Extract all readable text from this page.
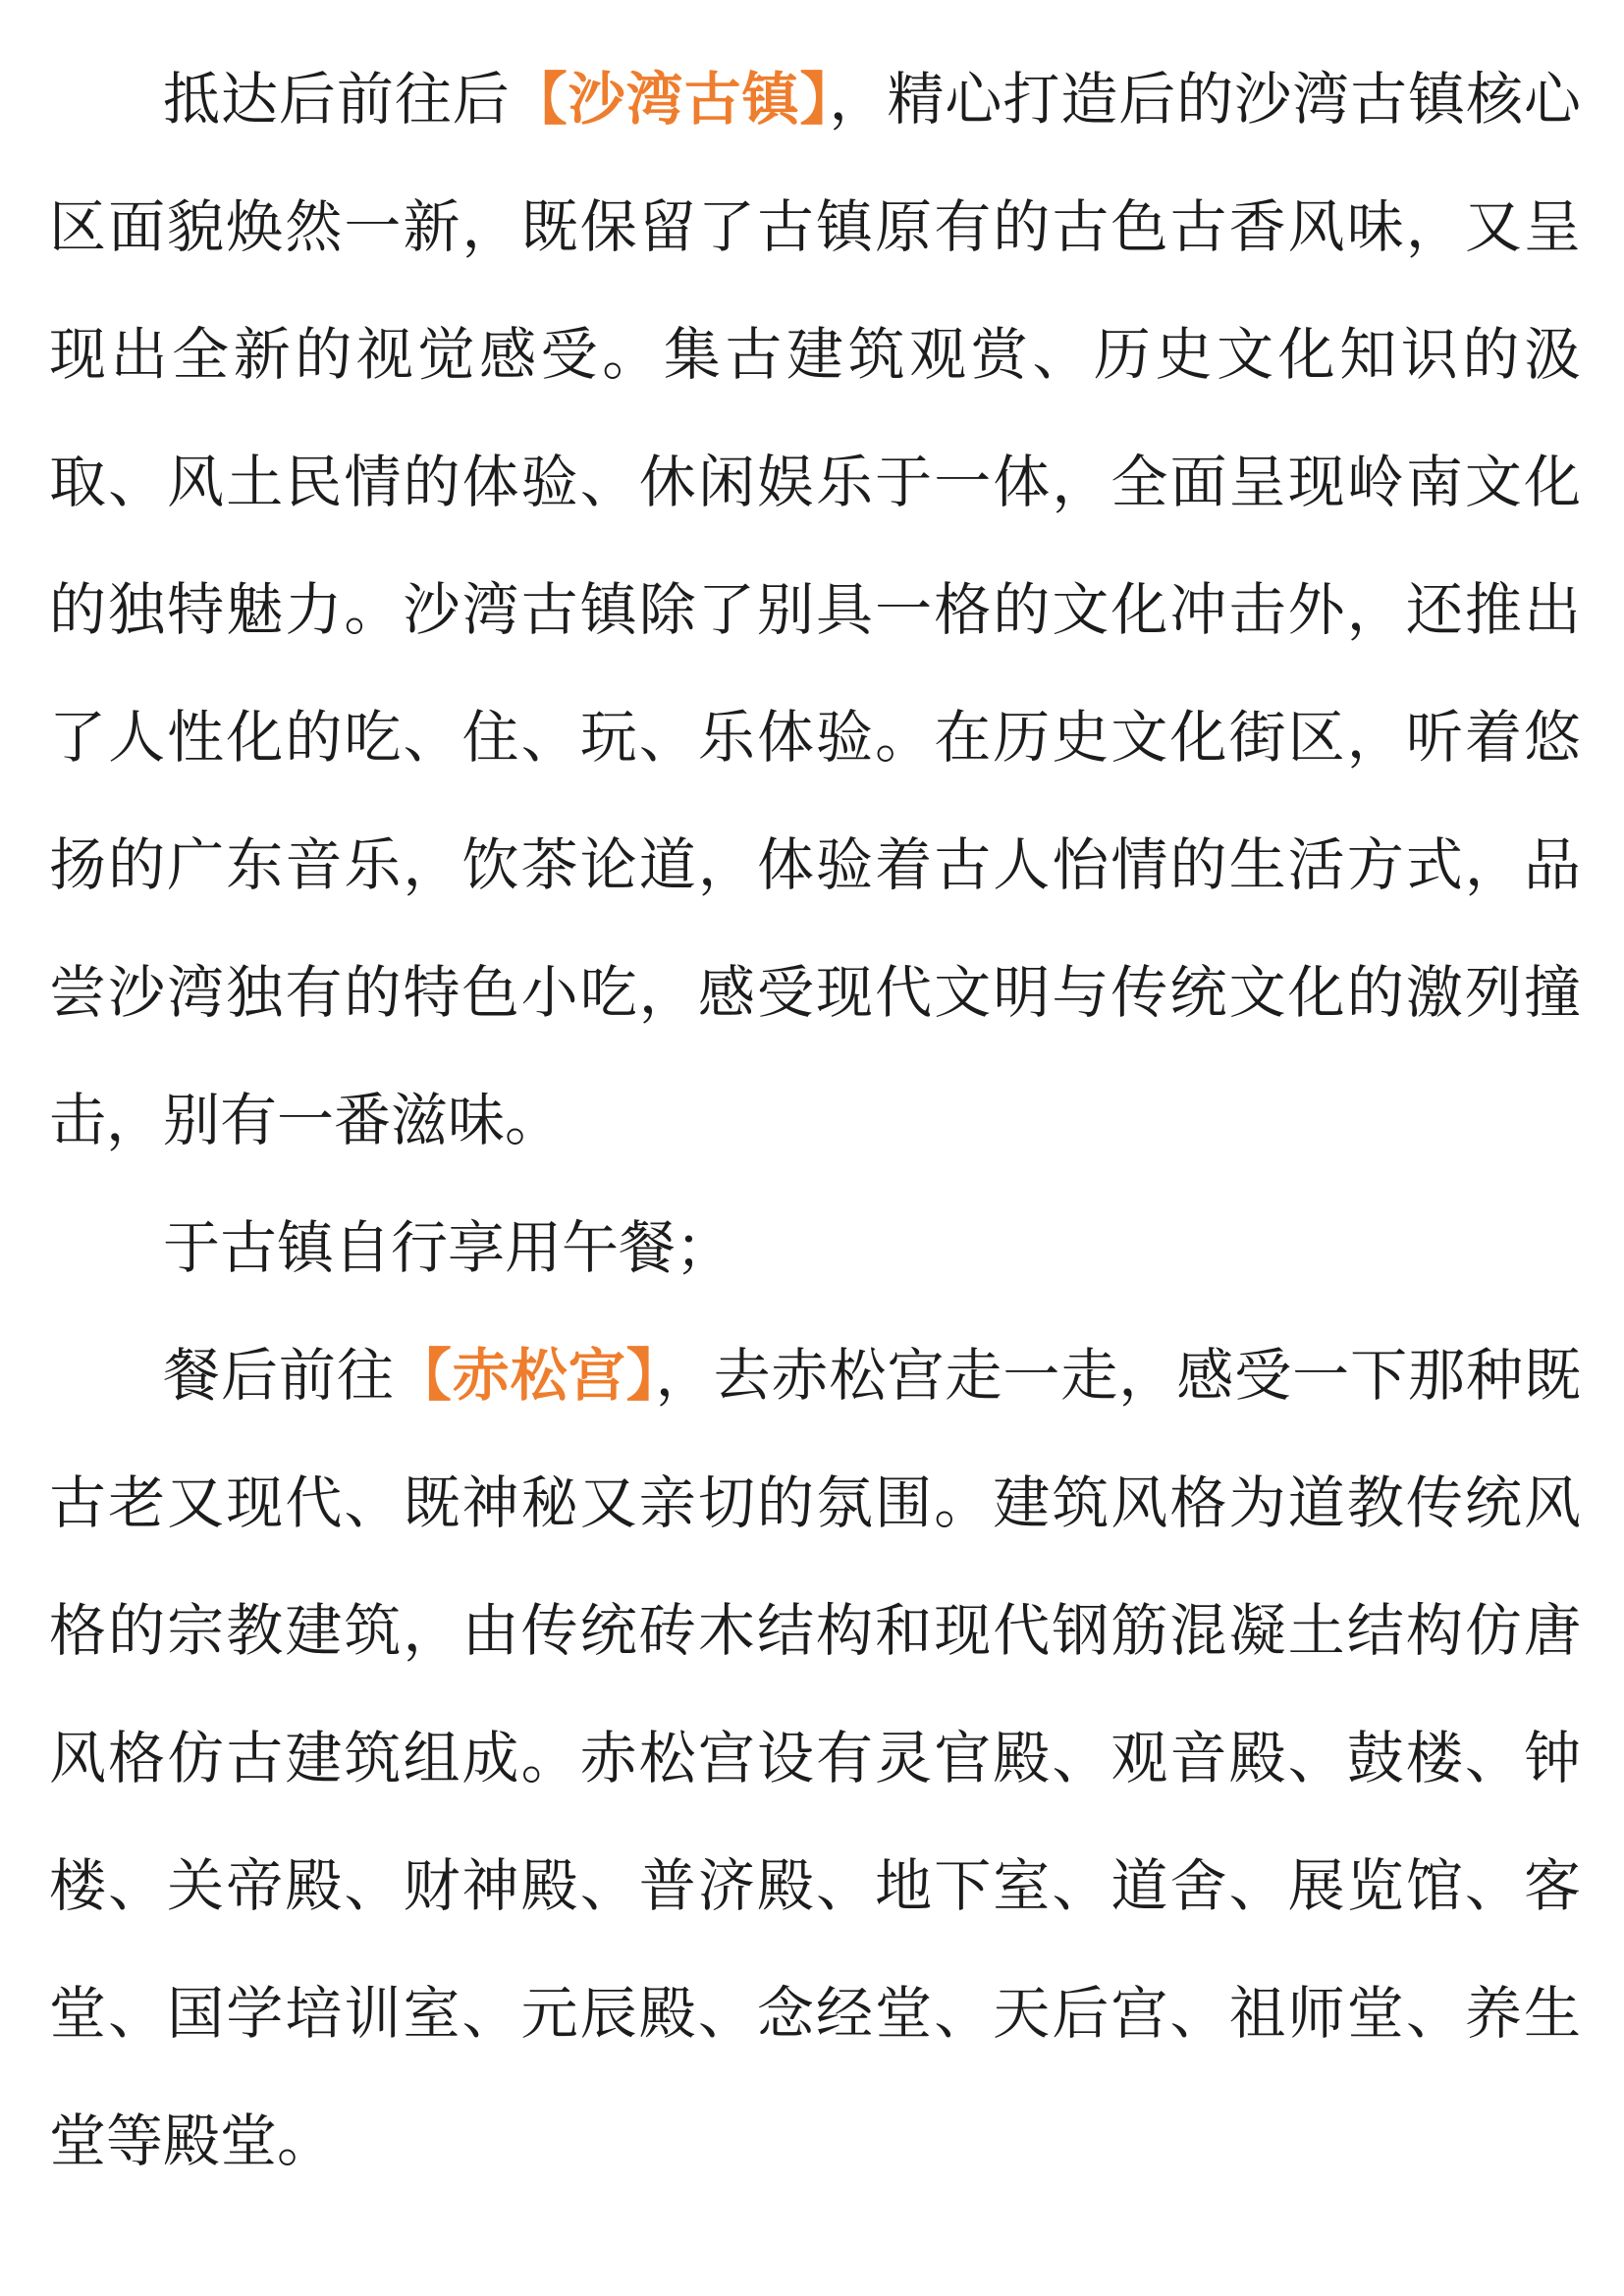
抵达后前往后【沙湾古镇】，精心打造后的沙湾古镇核心区面貌焕然一新，既保留了古镇原有的古色古香风味，又呈现出全新的视觉感受。集古建筑观赏、历史文化知识的汲取、风土民情的体验、休闲娱乐于一体，全面呈现岭南文化的独特魅力。沙湾古镇除了别具一格的文化冲击外，还推出了人性化的吃、住、玩、乐体验。在历史文化街区，听着悠扬的广东音乐，饮茶论道，体验着古人怡情的生活方式，品尝沙湾独有的特色小吃，感受现代文明与传统文化的激列撞击，别有一番滋味。

于古镇自行享用午餐；

餐后前往【赤松宫】，去赤松宫走一走，感受一下那种既古老又现代、既神秘又亲切的氛围。建筑风格为道教传统风格的宗教建筑，由传统砖木结构和现代钢筋混凝土结构仿唐风格仿古建筑组成。赤松宫设有灵官殿、观音殿、鼓楼、钟楼、关帝殿、财神殿、普济殿、地下室、道舍、展览馆、客堂、国学培训室、元辰殿、念经堂、天后宫、祖师堂、养生堂等殿堂。
